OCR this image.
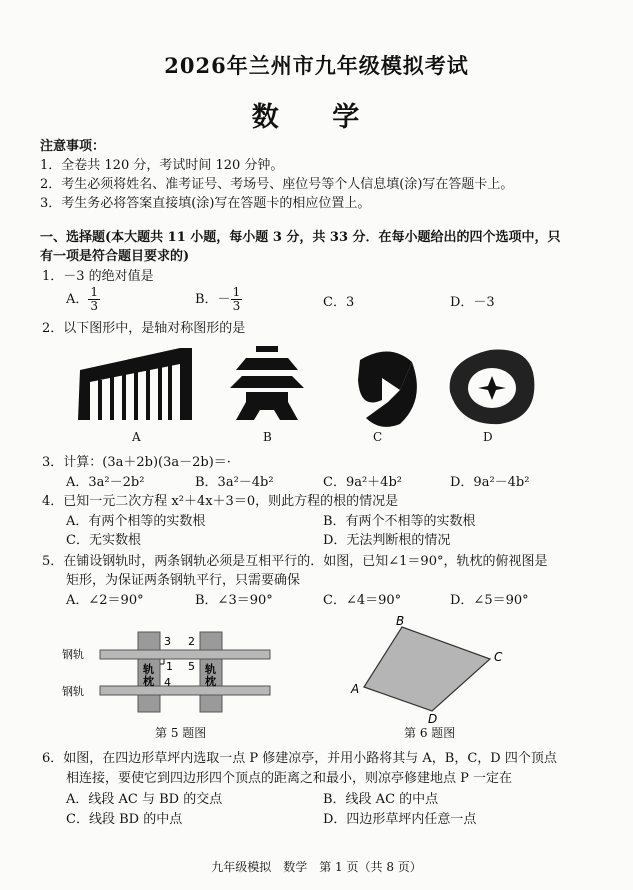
2026年兰州市九年级模拟考试
数 学
注意事项：
1．全卷共 120 分，考试时间 120 分钟。
2．考生必须将姓名、准考证号、考场号、座位号等个人信息填(涂)写在答题卡上。
3．考生务必将答案直接填(涂)写在答题卡的相应位置上。
一、选择题(本大题共 11 小题，每小题 3 分，共 33 分．在每小题给出的四个选项中，只
有一项是符合题目要求的)
1．－3 的绝对值是
A． $\frac{1}{3}$	B．－ $\frac{1}{3}$	C．3	D．－3
2．以下图形中，是轴对称图形的是
A	B	C	D
3．计算：(3a＋2b)(3a－2b)＝·
A．3a²－2b²	B．3a²－4b²	C．9a²＋4b²	D．9a²－4b²
4．已知一元二次方程 x²＋4x＋3＝0，则此方程的根的情况是
A．有两个相等的实数根	B．有两个不相等的实数根
C．无实数根	D．无法判断根的情况
5．在铺设钢轨时，两条钢轨必须是互相平行的．如图，已知∠1＝90°，轨枕的俯视图是
矩形，为保证两条钢轨平行，只需要确保
A．∠2＝90°	B．∠3＝90°	C．∠4＝90°	D．∠5＝90°
钢轨
钢轨
轨
枕
轨
枕
1
2
3
4
5
第 5 题图
A
B
C
D
第 6 题图
6．如图，在四边形草坪内选取一点 P 修建凉亭，并用小路将其与 A，B，C，D 四个顶点
相连接，要使它到四边形四个顶点的距离之和最小，则凉亭修建地点 P 一定在
A．线段 AC 与 BD 的交点	B．线段 AC 的中点
C．线段 BD 的中点	D．四边形草坪内任意一点
九年级模拟　数学　第 1 页（共 8 页）
